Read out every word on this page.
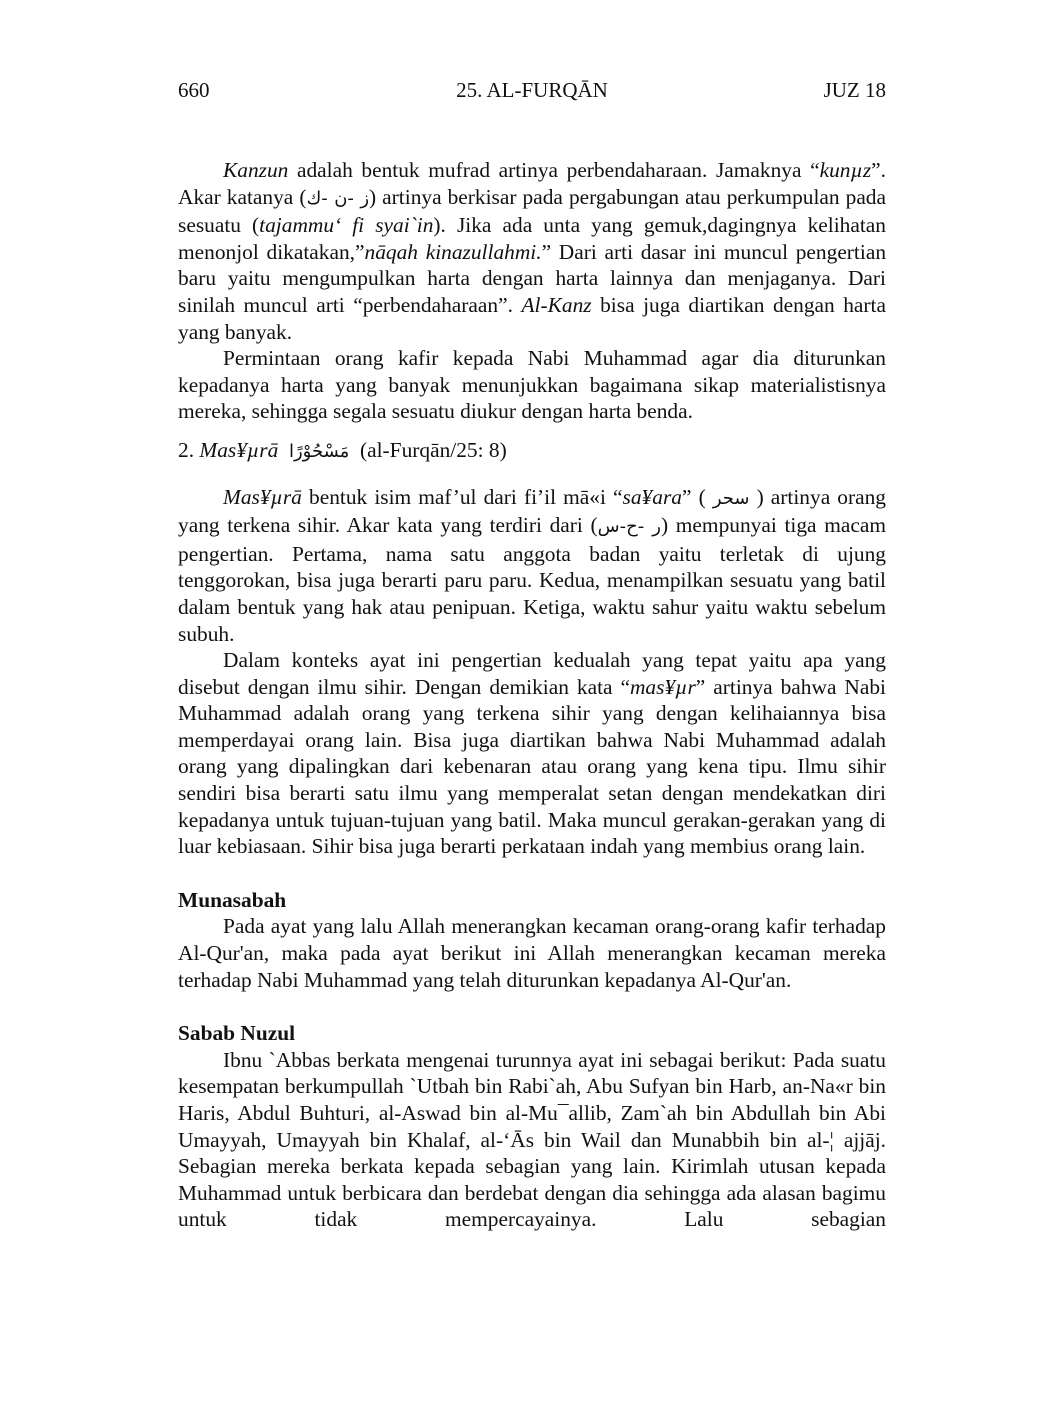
660	25. AL-FURQĀN	JUZ 18

Kanzun adalah bentuk mufrad artinya perbendaharaan. Jamaknya “kunµz”. Akar katanya (ز -ن -ك) artinya berkisar pada pergabungan atau perkumpulan pada sesuatu (tajammu‘ fi syai`in). Jika ada unta yang gemuk,dagingnya kelihatan menonjol dikatakan,”nāqah kinazullahmi.” Dari arti dasar ini muncul pengertian baru yaitu mengumpulkan harta dengan harta lainnya dan menjaganya. Dari sinilah muncul arti “perbendaharaan”. Al-Kanz bisa juga diartikan dengan harta yang banyak.

Permintaan orang kafir kepada Nabi Muhammad agar dia diturunkan kepadanya harta yang banyak menunjukkan bagaimana sikap materialistisnya mereka, sehingga segala sesuatu diukur dengan harta benda.

2. Mas¥µrā مَسْحُوْرًا (al-Furqān/25: 8)

Mas¥µrā bentuk isim maf’ul dari fi’il mā«i “sa¥ara” ( سحر ) artinya orang yang terkena sihir. Akar kata yang terdiri dari (ر -ح-س) mempunyai tiga macam pengertian. Pertama, nama satu anggota badan yaitu terletak di ujung tenggorokan, bisa juga berarti paru paru. Kedua, menampilkan sesuatu yang batil dalam bentuk yang hak atau penipuan. Ketiga, waktu sahur yaitu waktu sebelum subuh.

Dalam konteks ayat ini pengertian kedualah yang tepat yaitu apa yang disebut dengan ilmu sihir. Dengan demikian kata “mas¥µr” artinya bahwa Nabi Muhammad adalah orang yang terkena sihir yang dengan kelihaiannya bisa memperdayai orang lain. Bisa juga diartikan bahwa Nabi Muhammad adalah orang yang dipalingkan dari kebenaran atau orang yang kena tipu. Ilmu sihir sendiri bisa berarti satu ilmu yang memperalat setan dengan mendekatkan diri kepadanya untuk tujuan-tujuan yang batil. Maka muncul gerakan-gerakan yang di luar kebiasaan. Sihir bisa juga berarti perkataan indah yang membius orang lain.

Munasabah

Pada ayat yang lalu Allah menerangkan kecaman orang-orang kafir terhadap Al-Qur'an, maka pada ayat berikut ini Allah menerangkan kecaman mereka terhadap Nabi Muhammad yang telah diturunkan kepadanya Al-Qur'an.

Sabab Nuzul

Ibnu `Abbas berkata mengenai turunnya ayat ini sebagai berikut: Pada suatu kesempatan berkumpullah `Utbah bin Rabi`ah, Abu Sufyan bin Harb, an-Na«r bin Haris, Abdul Buhturi, al-Aswad bin al-Mu¯allib, Zam`ah bin Abdullah bin Abi Umayyah, Umayyah bin Khalaf, al-‘Ās bin Wail dan Munabbih bin al-¦ ajjāj. Sebagian mereka berkata kepada sebagian yang lain. Kirimlah utusan kepada Muhammad untuk berbicara dan berdebat dengan dia sehingga ada alasan bagimu untuk tidak mempercayainya. Lalu sebagian
